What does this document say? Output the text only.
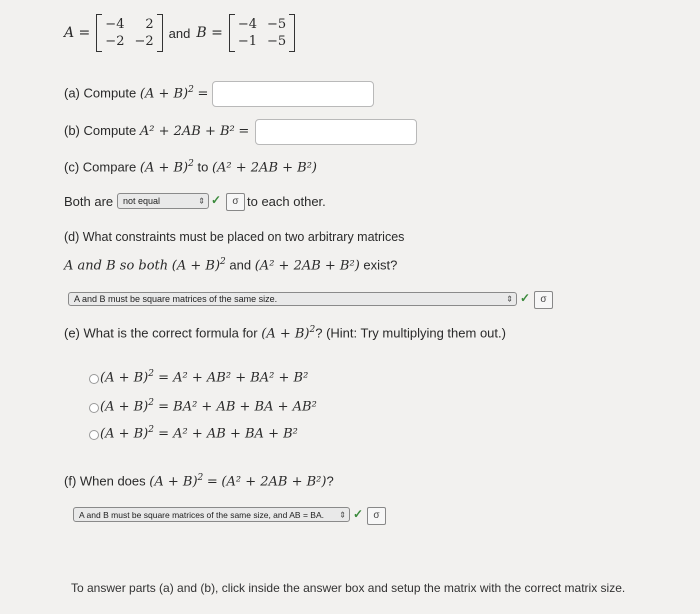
A =
−4	2
−2 −2
and B =
−4 −5
−1 −5
(a) Compute $(A + B)^2$ =
(b) Compute A² + 2AB + B² =
(c) Compare $(A + B)^2$ to (A² + 2AB + B²)
Both are not equal	⇕ ✓	σ to each other.
(d) What constraints must be placed on two arbitrary matrices
A and B so both $(A + B)^2$ and (A² + 2AB + B²) exist?
A and B must be square matrices of the same size.	⇕ ✓	σ
(e) What is the correct formula for $(A + B)^2$? (Hint: Try multiplying them out.)
$(A + B)^2 = A^2 + AB^2 + BA^2 + B^2$
$(A + B)^2 = BA^2$ + AB + BA + AB²
$(A + B)^2 = A^2$ + AB + BA + B²
(f) When does $(A + B)^2 = (A^2 + 2AB + B^2)$?
A and B must be square matrices of the same size, and AB = BA. ⇕ ✓	σ
To answer parts (a) and (b), click inside the answer box and setup the matrix with the correct matrix size.
